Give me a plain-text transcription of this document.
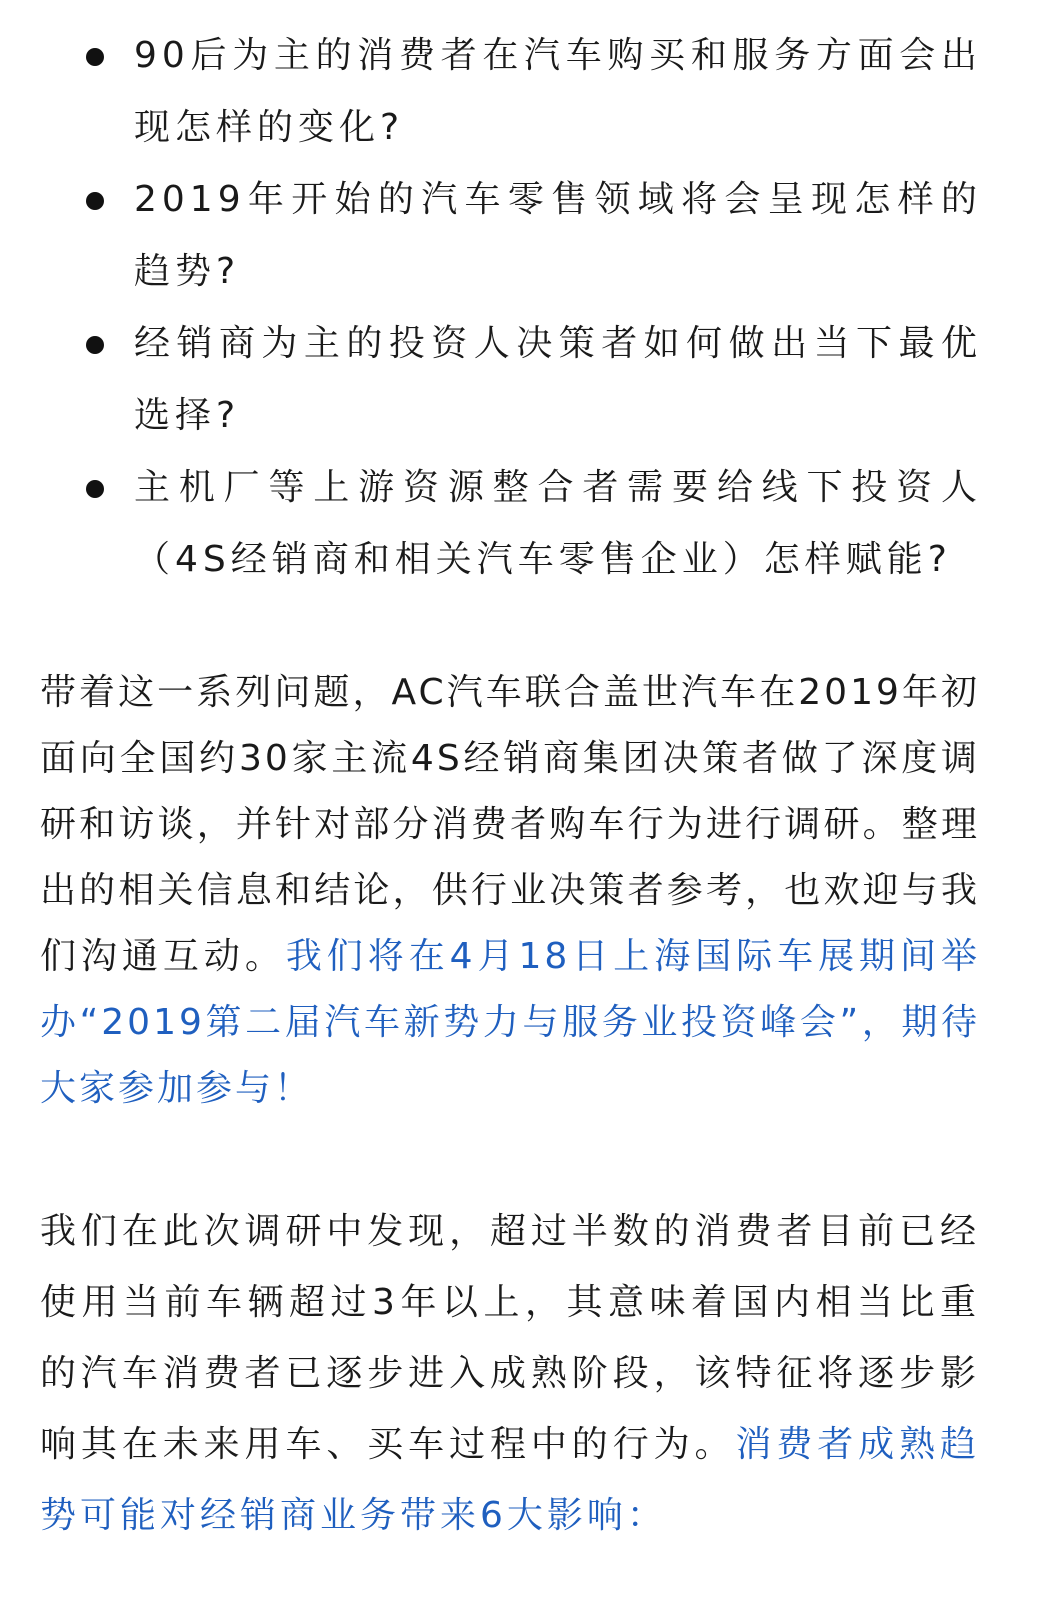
90后为主的消费者在汽车购买和服务方面会出现怎样的变化?
2019年开始的汽车零售领域将会呈现怎样的趋势?
经销商为主的投资人决策者如何做出当下最优选择?
主机厂等上游资源整合者需要给线下投资人（4S经销商和相关汽车零售企业）怎样赋能?

带着这一系列问题，AC汽车联合盖世汽车在2019年初面向全国约30家主流4S经销商集团决策者做了深度调研和访谈，并针对部分消费者购车行为进行调研。整理出的相关信息和结论，供行业决策者参考，也欢迎与我们沟通互动。我们将在4月18日上海国际车展期间举办“2019第二届汽车新势力与服务业投资峰会”，期待大家参加参与！

我们在此次调研中发现，超过半数的消费者目前已经使用当前车辆超过3年以上，其意味着国内相当比重的汽车消费者已逐步进入成熟阶段，该特征将逐步影响其在未来用车、买车过程中的行为。消费者成熟趋势可能对经销商业务带来6大影响：
